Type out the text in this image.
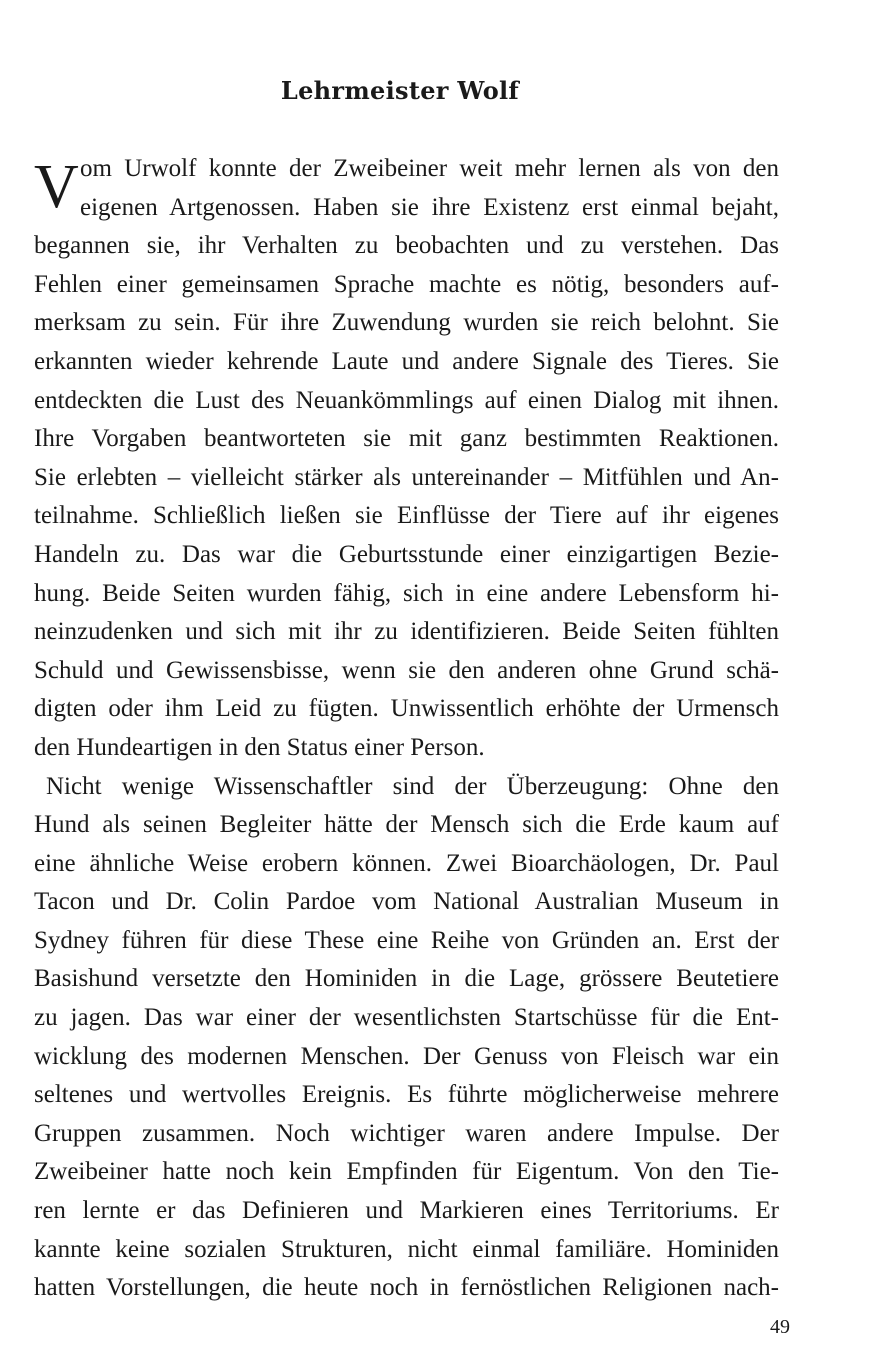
Lehrmeister Wolf
V om Urwolf konnte der Zweibeiner weit mehr lernen als von den
eigenen Artgenossen. Haben sie ihre Existenz erst einmal bejaht,
begannen sie, ihr Verhalten zu beobachten und zu verstehen. Das
Fehlen einer gemeinsamen Sprache machte es nötig, besonders auf-
merksam zu sein. Für ihre Zuwendung wurden sie reich belohnt. Sie
erkannten wieder kehrende Laute und andere Signale des Tieres. Sie
entdeckten die Lust des Neuankömmlings auf einen Dialog mit ihnen.
Ihre Vorgaben beantworteten sie mit ganz bestimmten Reaktionen.
Sie erlebten – vielleicht stärker als untereinander – Mitfühlen und An-
teilnahme. Schließlich ließen sie Einflüsse der Tiere auf ihr eigenes
Handeln zu. Das war die Geburtsstunde einer einzigartigen Bezie-
hung. Beide Seiten wurden fähig, sich in eine andere Lebensform hi-
neinzudenken und sich mit ihr zu identifizieren. Beide Seiten fühlten
Schuld und Gewissensbisse, wenn sie den anderen ohne Grund schä-
digten oder ihm Leid zu fügten. Unwissentlich erhöhte der Urmensch
den Hundeartigen in den Status einer Person.
Nicht wenige Wissenschaftler sind der Überzeugung: Ohne den
Hund als seinen Begleiter hätte der Mensch sich die Erde kaum auf
eine ähnliche Weise erobern können. Zwei Bioarchäologen, Dr. Paul
Tacon und Dr. Colin Pardoe vom National Australian Museum in
Sydney führen für diese These eine Reihe von Gründen an. Erst der
Basishund versetzte den Hominiden in die Lage, grössere Beutetiere
zu jagen. Das war einer der wesentlichsten Startschüsse für die Ent-
wicklung des modernen Menschen. Der Genuss von Fleisch war ein
seltenes und wertvolles Ereignis. Es führte möglicherweise mehrere
Gruppen zusammen. Noch wichtiger waren andere Impulse. Der
Zweibeiner hatte noch kein Empfinden für Eigentum. Von den Tie-
ren lernte er das Definieren und Markieren eines Territoriums. Er
kannte keine sozialen Strukturen, nicht einmal familiäre. Hominiden
hatten Vorstellungen, die heute noch in fernöstlichen Religionen nach-
49
